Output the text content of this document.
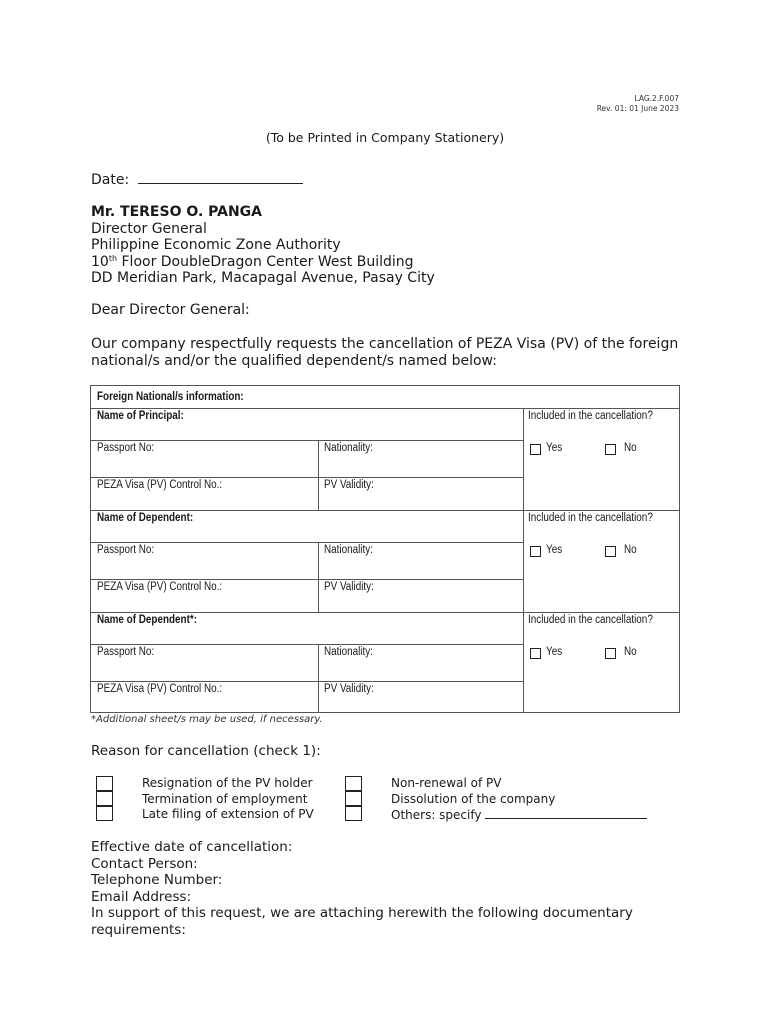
LAG.2.F.007
Rev. 01: 01 June 2023
(To be Printed in Company Stationery)
Date:
Mr. TERESO O. PANGA
Director General
Philippine Economic Zone Authority
10th Floor DoubleDragon Center West Building
DD Meridian Park, Macapagal Avenue, Pasay City
Dear Director General:
Our company respectfully requests the cancellation of PEZA Visa (PV) of the foreign national/s and/or the qualified dependent/s named below:
Foreign National/s information:
Name of Principal:	Included in the cancellation?
Passport No:	Nationality:	Yes	No
PEZA Visa (PV) Control No.:	PV Validity:
Name of Dependent:	Included in the cancellation?
Passport No:	Nationality:	Yes	No
PEZA Visa (PV) Control No.:	PV Validity:
Name of Dependent*:	Included in the cancellation?
Passport No:	Nationality:	Yes	No
PEZA Visa (PV) Control No.:	PV Validity:
*Additional sheet/s may be used, if necessary.
Reason for cancellation (check 1):
Resignation of the PV holder
Termination of employment
Late filing of extension of PV
Non-renewal of PV
Dissolution of the company
Others: specify
Effective date of cancellation:
Contact Person:
Telephone Number:
Email Address:
In support of this request, we are attaching herewith the following documentary requirements:
